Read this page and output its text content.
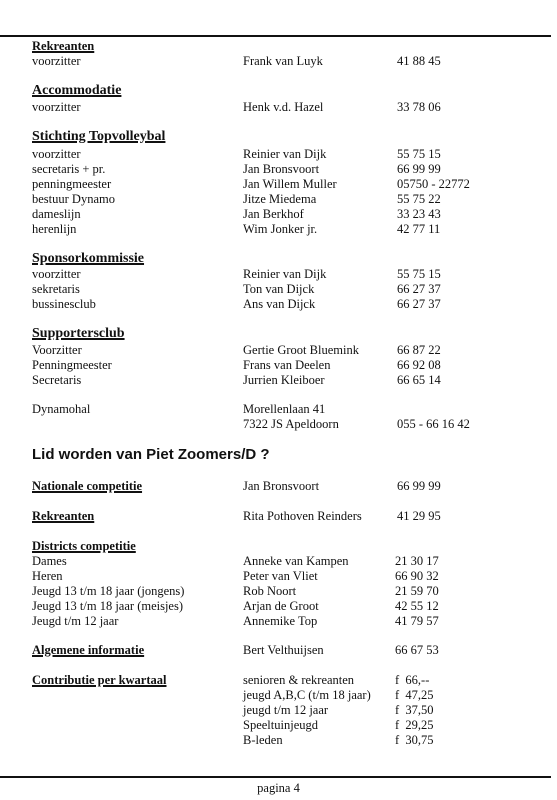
Rekreanten
voorzitter	Frank van Luyk	41 88 45
Accommodatie
voorzitter	Henk v.d. Hazel	33 78 06
Stichting Topvolleybal
voorzitter	Reinier van Dijk	55 75 15
secretaris + pr.	Jan Bronsvoort	66 99 99
penningmeester	Jan Willem Muller	05750 - 22772
bestuur Dynamo	Jitze Miedema	55 75 22
dameslijn	Jan Berkhof	33 23 43
herenlijn	Wim Jonker jr.	42 77 11
Sponsorkommissie
voorzitter	Reinier van Dijk	55 75 15
sekretaris	Ton van Dijck	66 27 37
bussinesclub	Ans van Dijck	66 27 37
Supportersclub
Voorzitter	Gertie Groot Bluemink	66 87 22
Penningmeester	Frans van Deelen	66 92 08
Secretaris	Jurrien Kleiboer	66 65 14
Dynamohal	Morellenlaan 41
7322 JS Apeldoorn	055 - 66 16 42
Lid worden van Piet Zoomers/D ?
Nationale competitie	Jan Bronsvoort	66 99 99
Rekreanten	Rita Pothoven Reinders	41 29 95
Districts competitie
Dames	Anneke van Kampen	21 30 17
Heren	Peter van Vliet	66 90 32
Jeugd 13 t/m 18 jaar (jongens)	Rob Noort	21 59 70
Jeugd 13 t/m 18 jaar (meisjes)	Arjan de Groot	42 55 12
Jeugd t/m 12 jaar	Annemike Top	41 79 57
Algemene informatie	Bert Velthuijsen	66 67 53
Contributie per kwartaal	senioren & rekreanten	f  66,--
jeugd A,B,C (t/m 18 jaar) f  47,25
jeugd t/m 12 jaar	f  37,50
Speeltuinjeugd	f  29,25
B-leden	f  30,75
pagina 4
